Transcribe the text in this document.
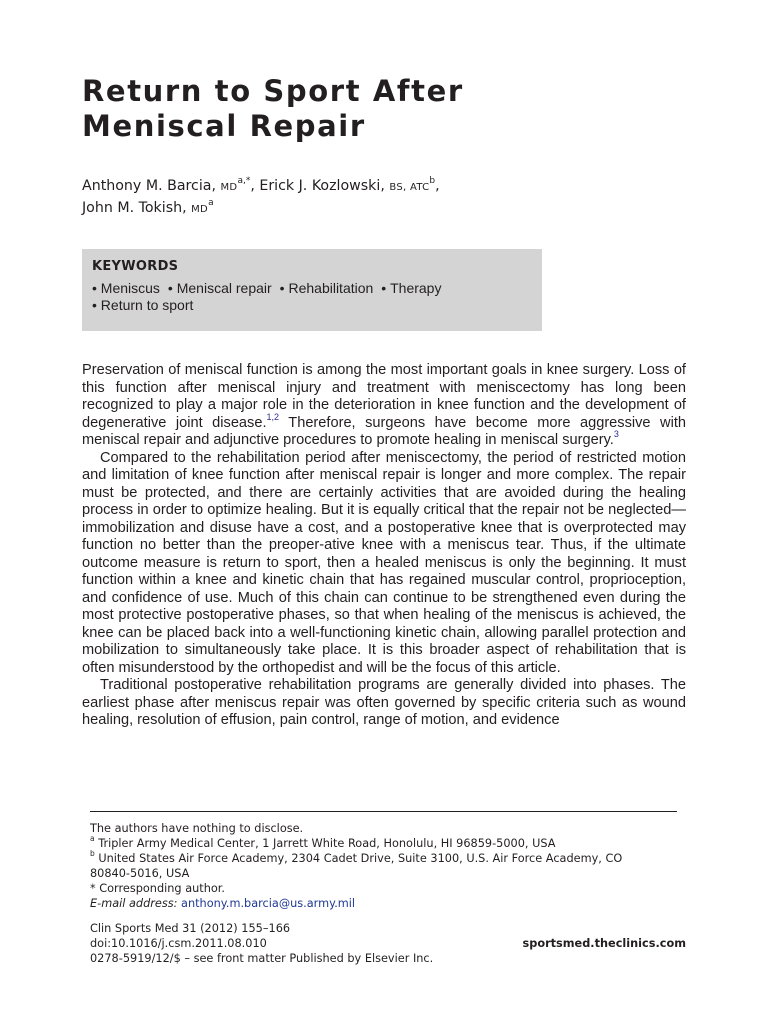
Return to Sport After
Meniscal Repair
Anthony M. Barcia, $MD^{a,*}$, Erick J. Kozlowski, BS, ATC$^b$,
John M. Tokish, $MD^a$
KEYWORDS
• Meniscus • Meniscal repair • Rehabilitation • Therapy
• Return to sport

Preservation of meniscal function is among the most important goals in knee surgery. Loss of this function after meniscal injury and treatment with meniscectomy has long been recognized to play a major role in the deterioration in knee function and the development of degenerative joint disease.$^{1,2}$ Therefore, surgeons have become more aggressive with meniscal repair and adjunctive procedures to promote healing in meniscal surgery.$^3$

Compared to the rehabilitation period after meniscectomy, the period of restricted motion and limitation of knee function after meniscal repair is longer and more complex. The repair must be protected, and there are certainly activities that are avoided during the healing process in order to optimize healing. But it is equally critical that the repair not be neglected—immobilization and disuse have a cost, and a postoperative knee that is overprotected may function no better than the preoper-ative knee with a meniscus tear. Thus, if the ultimate outcome measure is return to sport, then a healed meniscus is only the beginning. It must function within a knee and kinetic chain that has regained muscular control, proprioception, and confidence of use. Much of this chain can continue to be strengthened even during the most protective postoperative phases, so that when healing of the meniscus is achieved, the knee can be placed back into a well-functioning kinetic chain, allowing parallel protection and mobilization to simultaneously take place. It is this broader aspect of rehabilitation that is often misunderstood by the orthopedist and will be the focus of this article.

Traditional postoperative rehabilitation programs are generally divided into phases. The earliest phase after meniscus repair was often governed by specific criteria such as wound healing, resolution of effusion, pain control, range of motion, and evidence

The authors have nothing to disclose.
$^a$ Tripler Army Medical Center, 1 Jarrett White Road, Honolulu, HI 96859-5000, USA
$^b$ United States Air Force Academy, 2304 Cadet Drive, Suite 3100, U.S. Air Force Academy, CO
80840-5016, USA
* Corresponding author.
E-mail address: anthony.m.barcia@us.army.mil
Clin Sports Med 31 (2012) 155–166
doi:10.1016/j.csm.2011.08.010
0278-5919/12/$ – see front matter Published by Elsevier Inc.
sportsmed.theclinics.com
